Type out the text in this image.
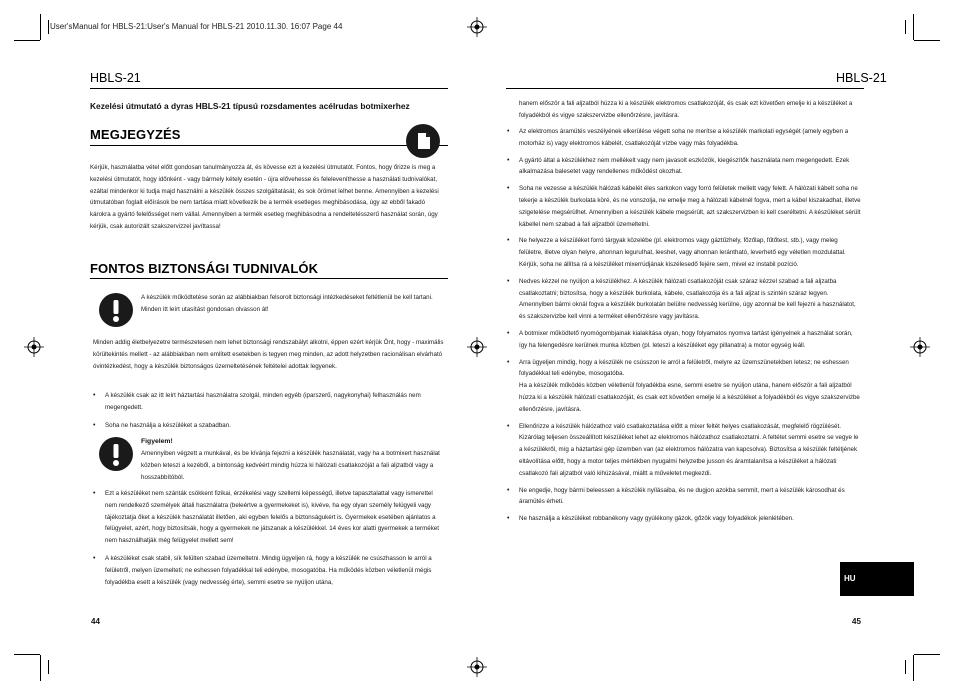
User'sManual for HBLS-21:User's Manual for HBLS-21 2010.11.30. 16:07 Page 44
HBLS-21
Kezelési útmutató a dyras HBLS-21 típusú rozsdamentes acélrudas botmixerhez
MEGJEGYZÉS

Kérjük, használatba vétel előtt gondosan tanulmányozza át, és kövesse ezt a kezelési útmutatót. Fontos, hogy őrizze is meg a kezelési útmutatót, hogy időnként - vagy bármely kétely esetén - újra elővehesse és feleleveníthesse a használati tudnivalókat, ezáltal mindenkor ki tudja majd használni a készülék összes szolgáltatását, és sok örömet lelhet benne. Amennyiben a kezelési útmutatóban foglalt előírások be nem tartása miatt következik be a termék esetleges meghibásodása, úgy az ebből fakadó károkra a gyártó felelősséget nem vállal. Amennyiben a termék esetleg meghibásodna a rendeltetésszerű használat során, úgy kérjük, csak autorizált szakszervizzel javíttassa!

FONTOS BIZTONSÁGI TUDNIVALÓK

A készülék működtetése során az alábbiakban felsorolt biztonsági intézkedéseket feltétlenül be kell tartani. Minden itt leírt utasítást gondosan olvasson át!

Minden addig életbelyezetre természetesen nem lehet biztonsági rendszabályt alkotni, éppen ezért kérjük Önt, hogy - maximális körültekintés mellett - az alábbiakban nem említett esetekben is tegyen meg minden, az adott helyzetben racionálisan elvárható óvintézkedést, hogy a készülék biztonságos üzemeltetésének feltételei adottak legyenek.

• A készülék csak az itt leírt háztartási használatra szolgál, minden egyéb (iparszerű, nagykonyhai) felhasználás nem megengedett.
• Soha ne használja a készüléket a szabadban.
Figyelem!

Amennyiben végzett a munkával, és be kívánja fejezni a készülék használatát, vagy ha a botmixert használat közben leteszi a kezéből, a bintonság kedvéért mindig húzza ki hálózati csatlakozóját a fali aljzatból vagy a hosszabbítóból.

• Ezt a készüléket nem szánták csökkent fizikai, érzékelési vagy szellemi képességű, illetve tapasztalattal vagy ismerettel nem rendelkező személyek általi használatra (beleértve a gyermekeket is), kivéve, ha egy olyan személy felügyeli vagy tájékoztatja őket a készülék használatát illetően, aki egyben felelős a biztonságukért is. Gyermekek esetében ajánlatos a felügyelet, azért, hogy biztosítsák, hogy a gyermekek ne játszanak a készülékkel. 14 éves kor alatti gyermekek a terméket nem használhatják még felügyelet mellett sem!
• A készüléket csak stabil, sík felülten szabad üzemeltetni. Mindig ügyeljen rá, hogy a készülék ne csúszhasson le arról a felületről, melyen üzemelteti; ne eshessen folyadékkal teli edénybe, mosogatóba. Ha működés közben véletlenül mégis folyadékba esett a készülék (vagy nedvesség érte), semmi esetre se nyúljon utána,
44
HBLS-21

hanem először a fali aljzatból húzza ki a készülék elektromos csatlakozóját, és csak ezt követően emelje ki a készüléket a folyadékból és vigye szakszervizbe ellenőrzésre, javításra.

• Az elektromos áramütés veszélyének elkerülése végett soha ne merítse a készülék markolati egységét (amely egyben a motorház is) vagy elektromos kábelét, csatlakozóját vízbe vagy más folyadékba.
• A gyártó által a készülékhez nem mellékelt vagy nem javasolt eszközök, kiegészítők használata nem megengedett. Ezek alkalmazása balesetet vagy rendellenes működést okozhat.
• Soha ne vezesse a készülék hálózati kábelét éles sarkokon vagy forró felületek mellett vagy felett. A hálózati kábelt soha ne tekerje a készülék burkolata köré, és ne vonszolja, ne emelje meg a hálózati kábelnél fogva, mert a kábel kiszakadhat, illetve szigetelése megsérülhet. Amennyiben a készülék kábele megsérült, azt szakszervizben ki kell cseréltetni. A készüléket sérült kábellel nem szabad a fali aljzatból üzemeltetni.
• Ne helyezze a készüléket forró tárgyak közelébe (pl. elektromos vagy gáztűzhely, főzőlap, fűtőtest, stb.), vagy meleg felületre, illetve olyan helyre, ahonnan leguruIhat, leeshet, vagy ahonnan lerántható, leverhető egy véletlen mozdulattal.
Kérjük, soha ne állítsa rá a készüléket mixerrúdjának kiszélesedő fejére sem, mivel ez instabil pozíció.
• Nedves kézzel ne nyúljon a készülékhez. A készülék hálózati csatlakozóját csak száraz kézzel szabad a fali aljzatba csatlakoztatni; biztosítsa, hogy a készülék burkolata, kábele, csatlakozója és a fali aljzat is szintén száraz legyen. Amennyiben bármi oknál fogva a készülék burkolatán belülre nedvesség kerülne, úgy azonnal be kell fejezni a használatot, és szakszervizbe kell vinni a terméket ellenőrzésre vagy javításra.
• A botmixer működtető nyomógombjainak kialakítása olyan, hogy folyamatos nyomva tartást igényelnek a használat során, így ha felengedésre kerülnek munka közben (pl. leteszi a készüléket egy pillanatra) a motor egység leáll.
• Arra ügyeljen mindig, hogy a készülék ne csússzon le arról a felületről, melyre az üzemszünetekben letesz; ne eshessen folyadékkal teli edénybe, mosogatóba.
Ha a készülék működés közben véletlenül folyadékba esne, semmi esetre se nyúljon utána, hanem először a fali aljzatból húzza ki a készülék hálózati csatlakozóját, és csak ezt követően emelje ki a készüléket a folyadékból és vigye szakszervizbe ellenőrzésre, javításra.
• Ellenőrizze a készülék hálózathoz való csatlakoztatása előtt a mixer feltét helyes csatlakozását, megfelelő rögzülését. Kizárólag teljesen összeállított készüléket lehet az elektromos hálózathoz csatlakoztatni. A feltétet semmi esetre se vegye le a készülékről, míg a háztartási gép üzemben van (az elektromos hálózatra van kapcsolva). Biztosítsa a készülék feltétjének eltávolítása előtt, hogy a motor teljes mértékben nyugalmi helyzetbe jusson és áramtalanítsa a készüléket a hálózati csatlakozó fali aljzatból való kihúzásával, miáltt a műveletet megkezdi.
• Ne engedje, hogy bármi beleessen a készülék nyílásaiba, és ne dugjon azokba semmit, mert a készülék károsodhat és áramütés érheti.
• Ne használja a készüléket robbanékony vagy gyúlékony gázok, gőzök vagy folyadékok jelenlétében.
HU
45
